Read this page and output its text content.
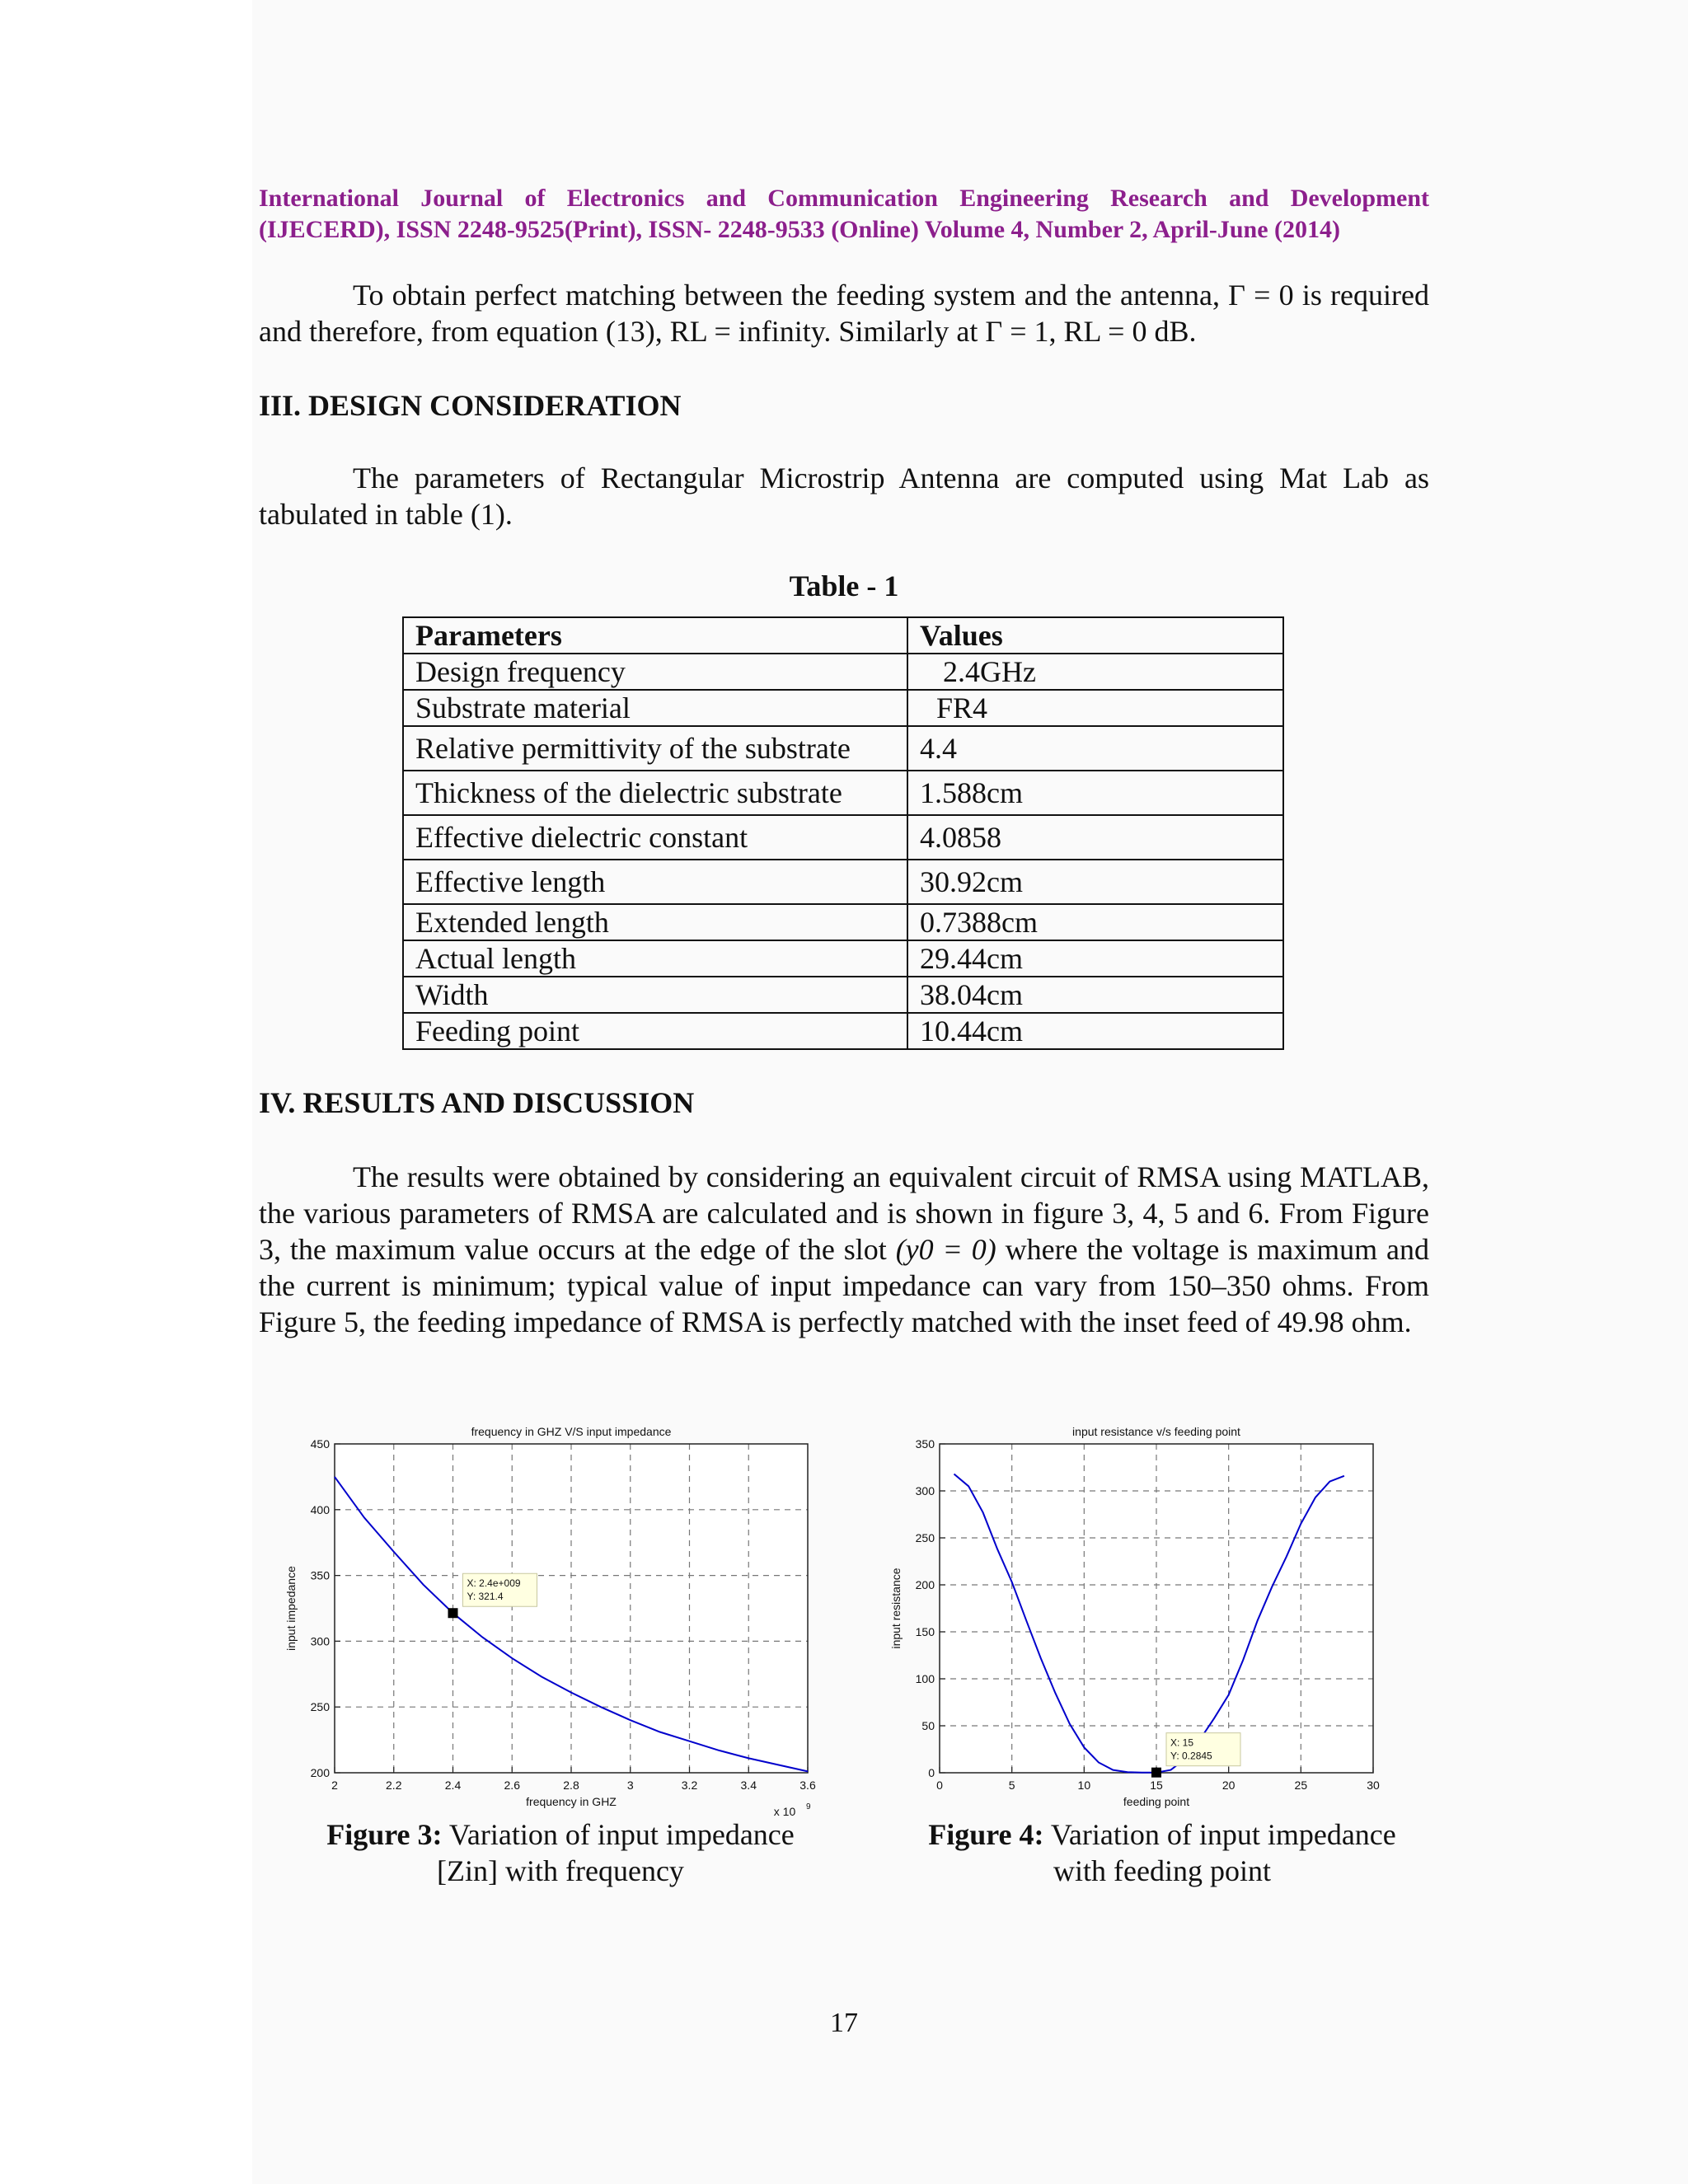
International Journal of Electronics and Communication Engineering Research and Development
(IJECERD), ISSN 2248-9525(Print), ISSN- 2248-9533 (Online) Volume 4, Number 2, April-June (2014)
To obtain perfect matching between the feeding system and the antenna, Γ = 0 is required and therefore, from equation (13), RL = infinity. Similarly at Γ = 1, RL = 0 dB.
III. DESIGN CONSIDERATION
The parameters of Rectangular Microstrip Antenna are computed using Mat Lab as tabulated in table (1).
Table - 1
Parameters	Values
Design frequency	2.4GHz
Substrate material	FR4
Relative permittivity of the substrate	4.4
Thickness of the dielectric substrate	1.588cm
Effective dielectric constant	4.0858
Effective length	30.92cm
Extended length	0.7388cm
Actual length	29.44cm
Width	38.04cm
Feeding point	10.44cm
IV. RESULTS AND DISCUSSION
The results were obtained by considering an equivalent circuit of RMSA using MATLAB, the various parameters of RMSA are calculated and is shown in figure 3, 4, 5 and 6. From Figure 3, the maximum value occurs at the edge of the slot (y0 = 0) where the voltage is maximum and the current is minimum; typical value of input impedance can vary from 150–350 ohms. From Figure 5, the feeding impedance of RMSA is perfectly matched with the inset feed of 49.98 ohm.
2	2.2	2.4	2.6	2.8	3	3.2	3.4	3.6
200
250
300
350
400
450
frequency in GHZ V/S input impedance
frequency in GHZ
input impedance
x 10 9
X: 2.4e+009
Y: 321.4
0	5	10	15	20	25	30
0
50
100
150
200
250
300
350
input resistance v/s feeding point
feeding point
input resistance
X: 15
Y: 0.2845
Figure 3: Variation of input impedance [Zin] with frequency
Figure 4: Variation of input impedance with feeding point
17
